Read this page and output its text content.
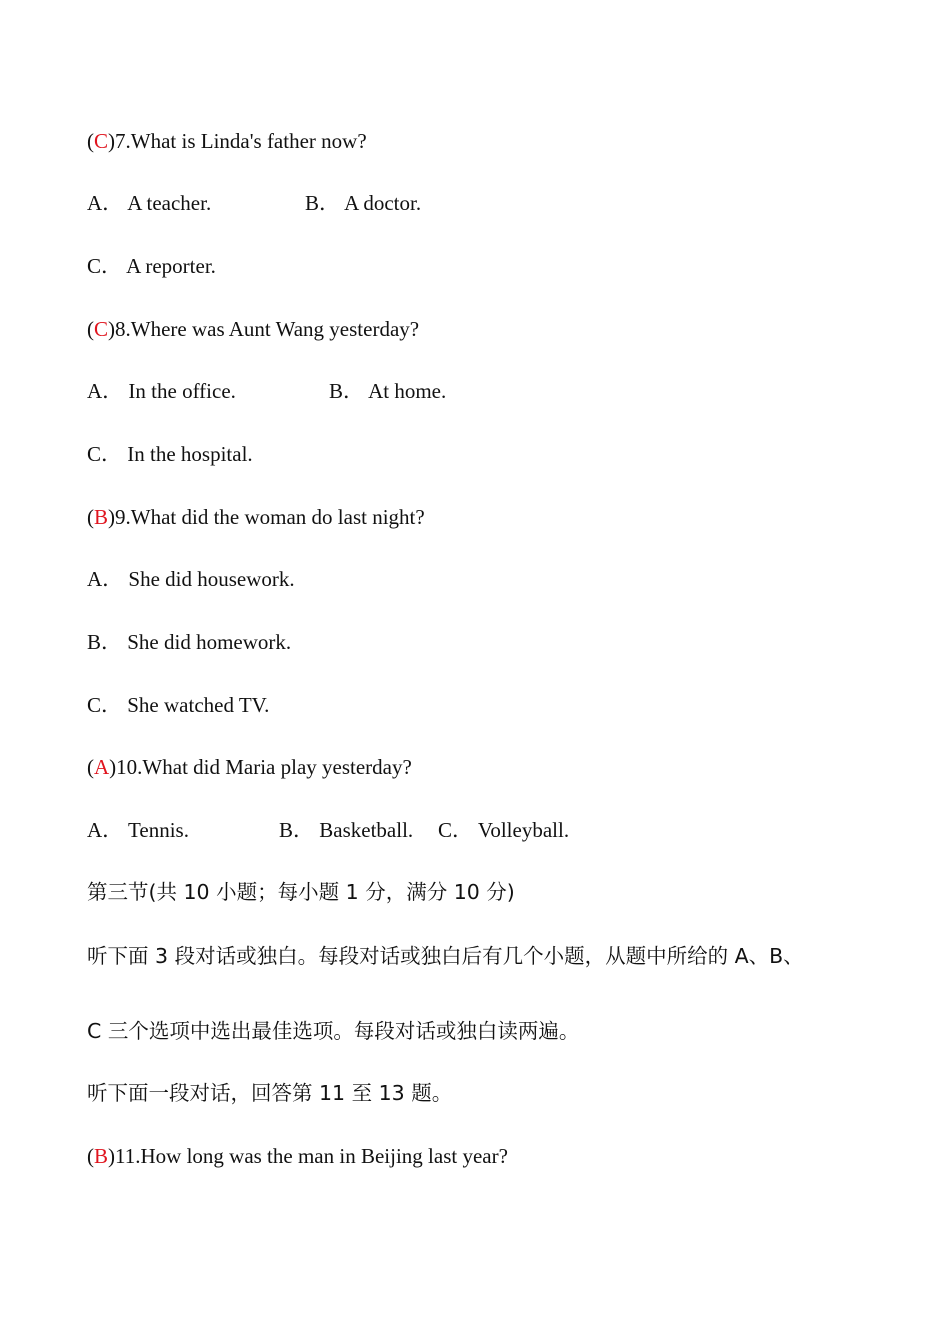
(C)7.What is Linda's father now?
A． A teacher.	B． A doctor.
C． A reporter.
(C)8.Where was Aunt Wang yesterday?
A． In the office.	B． At home.
C． In the hospital.
(B)9.What did the woman do last night?
A． She did housework.
B． She did homework.
C． She watched TV.
(A)10.What did Maria play yesterday?
A． Tennis.	B． Basketball. C． Volleyball.
第三节(共 10 小题；每小题 1 分，满分 10 分)
听下面 3 段对话或独白。每段对话或独白后有几个小题，从题中所给的 A、B、
C 三个选项中选出最佳选项。每段对话或独白读两遍。
听下面一段对话，回答第 11 至 13 题。
(B)11.How long was the man in Beijing last year?
